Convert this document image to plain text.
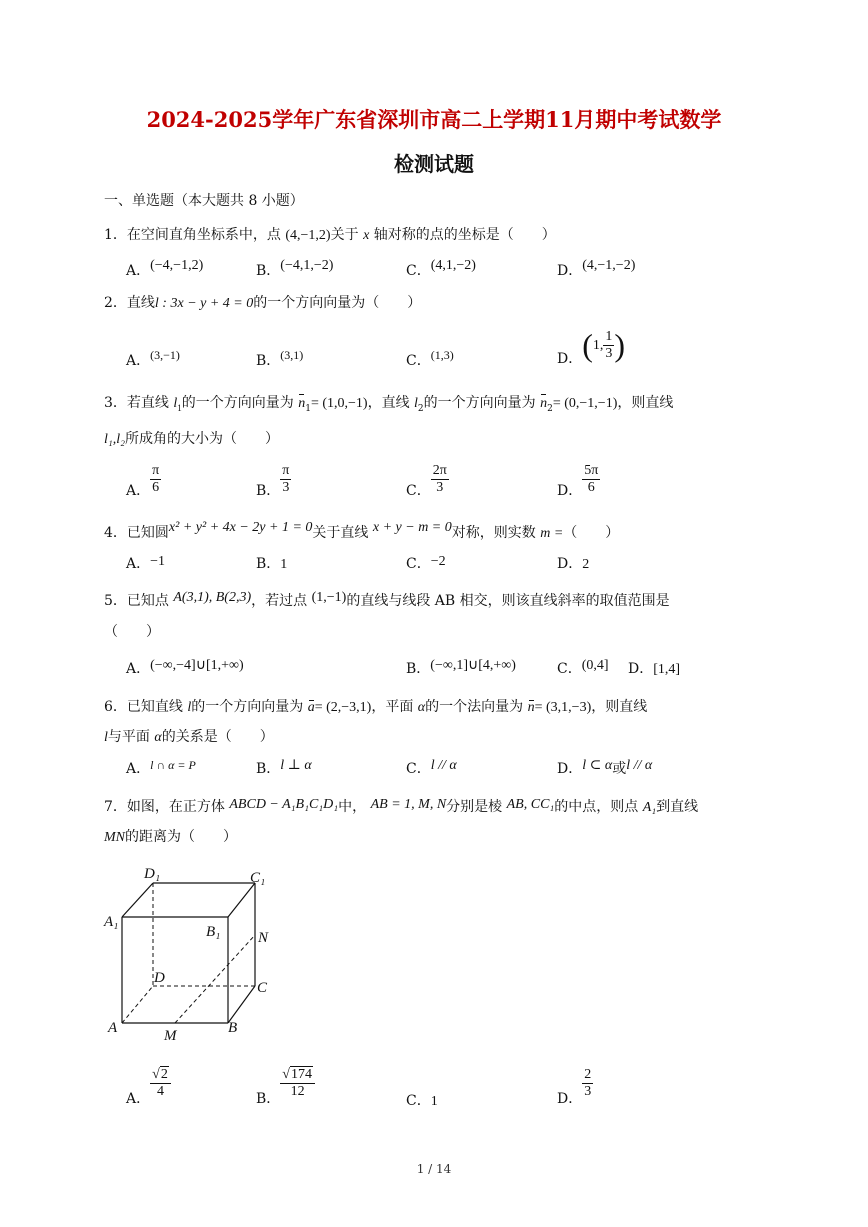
2024-2025学年广东省深圳市高二上学期11月期中考试数学
检测试题
一、单选题（本大题共 8 小题）
1．在空间直角坐标系中，点 (4,−1,2)关于 x 轴对称的点的坐标是（　　）
A．(−4,−1,2)	B．(−4,1,−2)	C．(4,1,−2)	D．(4,−1,−2)
2．直线l : 3x − y + 4 = 0的一个方向向量为（　　）
A．(3,−1)	B．(3,1)	C．(1,3)	D．(1, $\frac{1}{3}$ )
3．若直线 $l_1$的一个方向向量为 $n_1= (1,0,-1)$，直线 $l_2$的一个方向向量为 $n_2= (0,-1,-1)$，则直线
l₁,l₂所成角的大小为（　　）
A． $\frac{\pi}{6}$	B． $\frac{\pi}{3}$	C． $\frac{2\pi}{3}$	D． $\frac{5\pi}{6}$
4．已知圆x² + y² + 4x − 2y + 1 = 0关于直线 x + y − m = 0对称，则实数 m =（　　）
A．−1	B．1	C．−2	D．2
5．已知点 A(3,1), B(2,3)，若过点 (1,−1)的直线与线段 AB 相交，则该直线斜率的取值范围是
（　　）
A．(−∞,−4]∪[1,+∞)	B．(−∞,1]∪[4,+∞)	C．(0,4] D．[1,4]
6．已知直线 l的一个方向向量为 a= (2,−3,1)，平面 α的一个法向量为 n= (3,1,−3)，则直线
l与平面 α的关系是（　　）
A．l ∩ α = P	B．l ⊥ α	C．l // α	D．l ⊂ α或l // α
7．如图，在正方体 ABCD − A₁B₁C₁D₁中， AB = 1, M, N分别是棱 AB, CC₁的中点，则点 A₁到直线
MN的距离为（　　）
D₁	C₁
A₁
B₁	N
D
C
A	M	B
A． $\frac{√2}{4}$	B． $\frac{√174}{12}$
C．1	D． $\frac{2}{3}$
1 / 14
